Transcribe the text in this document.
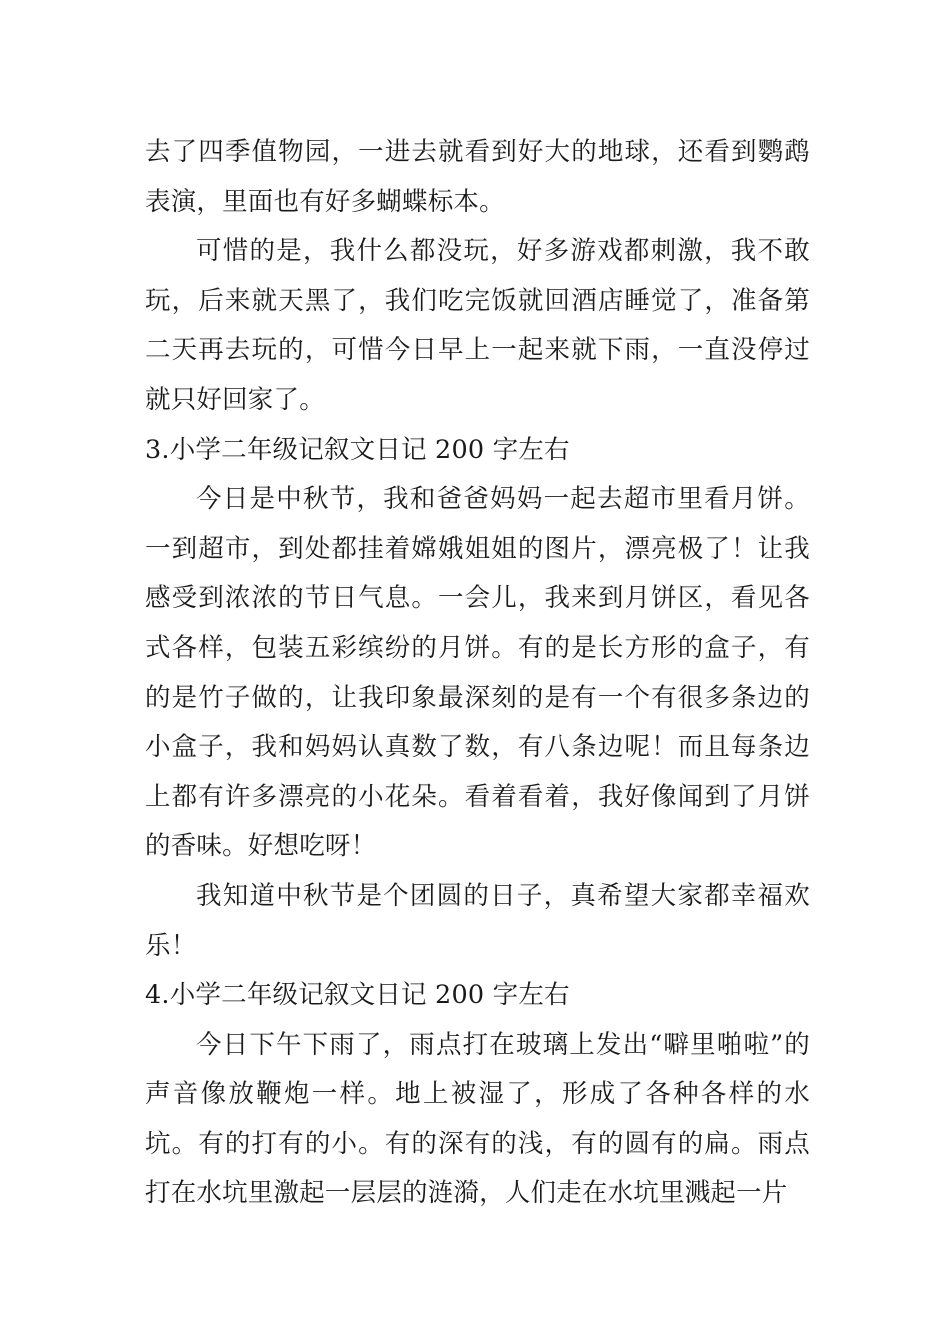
去了四季值物园，一进去就看到好大的地球，还看到鹦鹉表演，里面也有好多蝴蝶标本。

可惜的是，我什么都没玩，好多游戏都刺激，我不敢玩，后来就天黑了，我们吃完饭就回酒店睡觉了，准备第二天再去玩的，可惜今日早上一起来就下雨，一直没停过就只好回家了。

3.小学二年级记叙文日记 200 字左右

今日是中秋节，我和爸爸妈妈一起去超市里看月饼。一到超市，到处都挂着嫦娥姐姐的图片，漂亮极了！让我感受到浓浓的节日气息。一会儿，我来到月饼区，看见各式各样，包装五彩缤纷的月饼。有的是长方形的盒子，有的是竹子做的，让我印象最深刻的是有一个有很多条边的小盒子，我和妈妈认真数了数，有八条边呢！而且每条边上都有许多漂亮的小花朵。看着看着，我好像闻到了月饼的香味。好想吃呀！

我知道中秋节是个团圆的日子，真希望大家都幸福欢乐！

4.小学二年级记叙文日记 200 字左右

今日下午下雨了，雨点打在玻璃上发出“噼里啪啦”的声音像放鞭炮一样。地上被湿了，形成了各种各样的水坑。有的打有的小。有的深有的浅，有的圆有的扁。雨点打在水坑里激起一层层的涟漪，人们走在水坑里溅起一片
